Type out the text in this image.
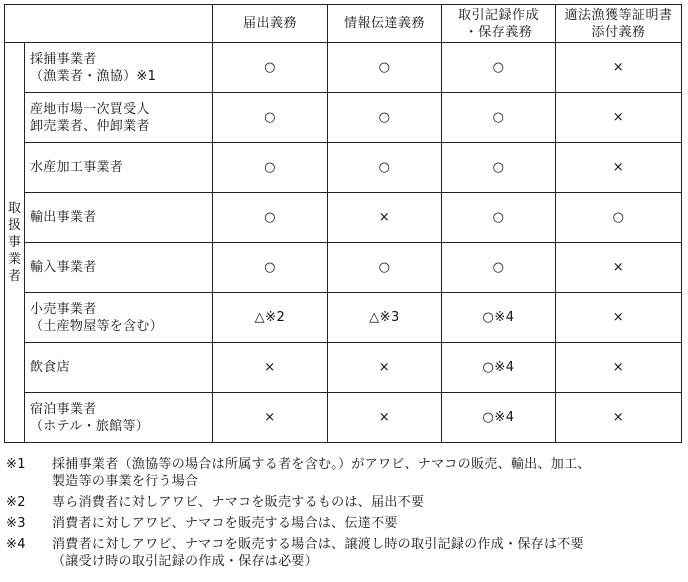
		届出義務	情報伝達義務	取引記録作成
・保存義務	適法漁獲等証明書
添付義務

取
扱
事
業
者	採捕事業者
（漁業者・漁協）※1	○	○	○	×

	産地市場一次買受人
卸売業者、仲卸業者	○	○	○	×

	水産加工事業者	○	○	○	×

	輸出事業者	○	×	○	○

	輸入事業者	○	○	○	×

	小売事業者
（土産物屋等を含む）	△※2	△※3	○※4	×

	飲食店	×	×	○※4	×

	宿泊事業者
（ホテル・旅館等）	×	×	○※4	×
※1	採捕事業者（漁協等の場合は所属する者を含む。）がアワビ、ナマコの販売、輸出、加工、
製造等の事業を行う場合
※2	専ら消費者に対しアワビ、ナマコを販売するものは、届出不要
※3	消費者に対しアワビ、ナマコを販売する場合は、伝達不要
※4	消費者に対しアワビ、ナマコを販売する場合は、譲渡し時の取引記録の作成・保存は不要
（譲受け時の取引記録の作成・保存は必要）
